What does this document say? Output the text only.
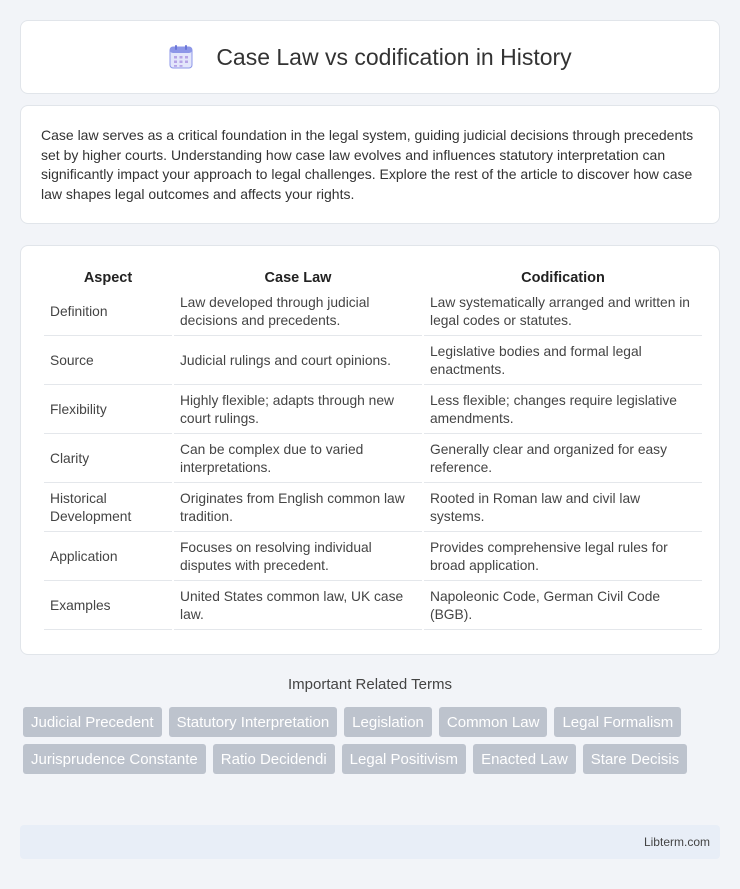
Case Law vs codification in History

Case law serves as a critical foundation in the legal system, guiding judicial decisions through precedents set by higher courts. Understanding how case law evolves and influences statutory interpretation can significantly impact your approach to legal challenges. Explore the rest of the article to discover how case law shapes legal outcomes and affects your rights.

Aspect	Case Law	Codification
Definition	Law developed through judicial decisions and precedents.	Law systematically arranged and written in legal codes or statutes.
Source	Judicial rulings and court opinions.	Legislative bodies and formal legal enactments.
Flexibility	Highly flexible; adapts through new court rulings.	Less flexible; changes require legislative amendments.
Clarity	Can be complex due to varied interpretations.	Generally clear and organized for easy reference.
Historical Development	Originates from English common law tradition.	Rooted in Roman law and civil law systems.
Application	Focuses on resolving individual disputes with precedent.	Provides comprehensive legal rules for broad application.
Examples	United States common law, UK case law.	Napoleonic Code, German Civil Code (BGB).
Important Related Terms
Judicial Precedent	Statutory Interpretation	Legislation	Common Law	Legal Formalism
Jurisprudence Constante	Ratio Decidendi	Legal Positivism	Enacted Law	Stare Decisis
Libterm.com
